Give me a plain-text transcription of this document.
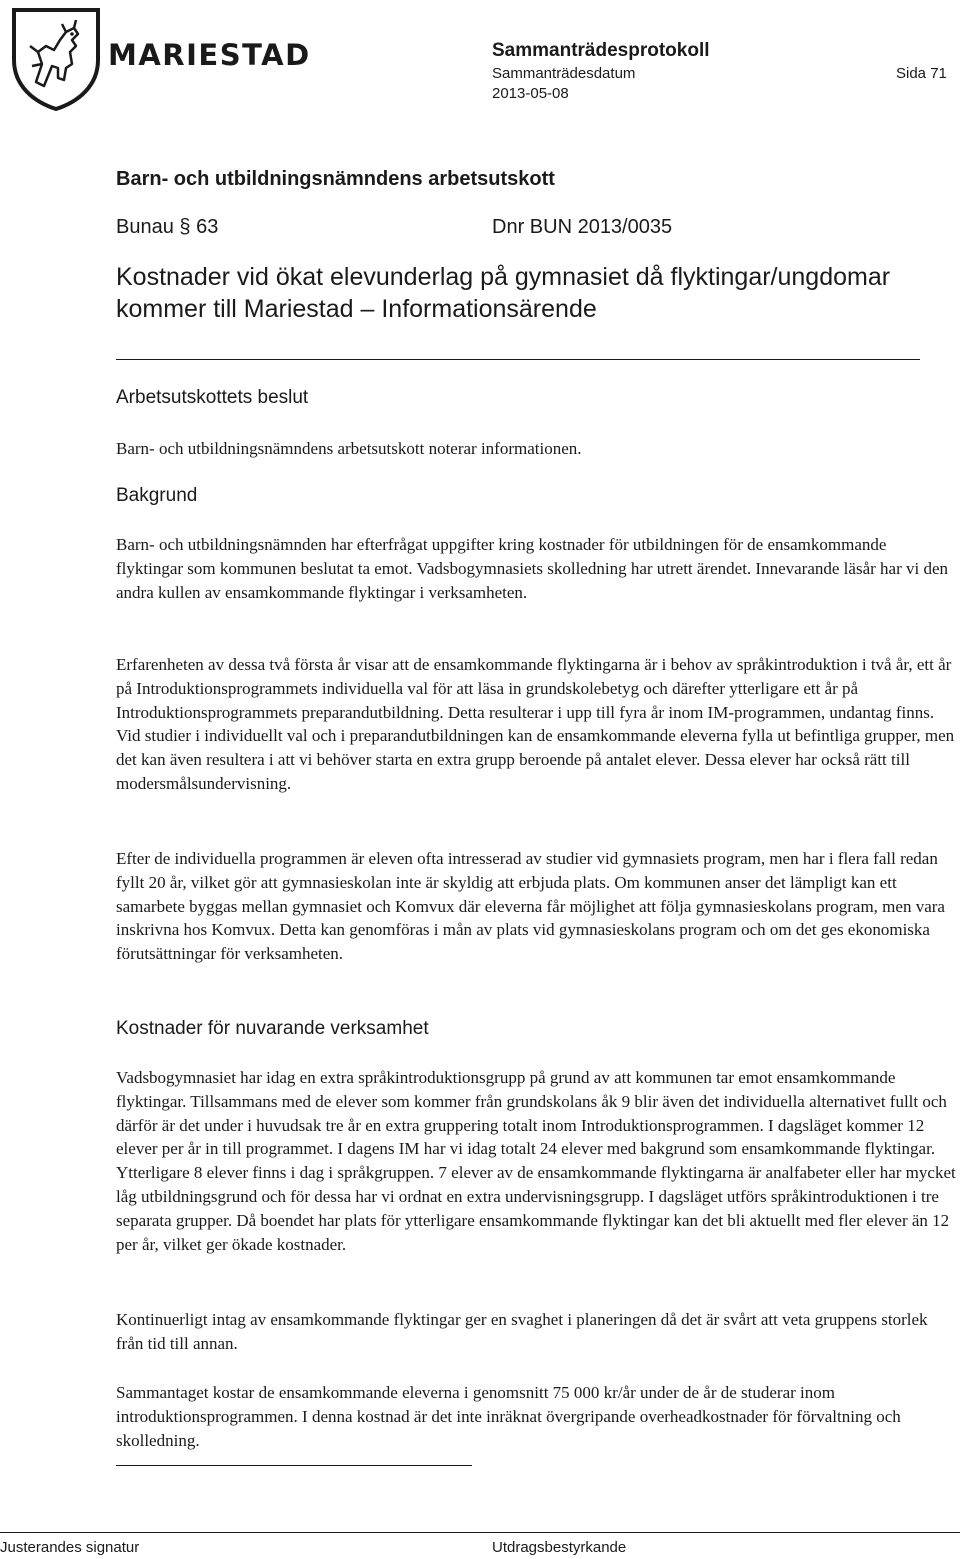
MARIESTAD	Sammanträdesprotokoll
Sammanträdesdatum
2013-05-08
Sida 71
Barn- och utbildningsnämndens arbetsutskott
Bunau § 63	Dnr BUN 2013/0035
Kostnader vid ökat elevunderlag på gymnasiet då flyktingar/ungdomar kommer till Mariestad – Informationsärende
Arbetsutskottets beslut

Barn- och utbildningsnämndens arbetsutskott noterar informationen.

Bakgrund

Barn- och utbildningsnämnden har efterfrågat uppgifter kring kostnader för utbildningen för de ensamkommande flyktingar som kommunen beslutat ta emot. Vadsbogymnasiets skolledning har utrett ärendet. Innevarande läsår har vi den andra kullen av ensamkommande flyktingar i verksamheten.

Erfarenheten av dessa två första år visar att de ensamkommande flyktingarna är i behov av språkintroduktion i två år, ett år på Introduktionsprogrammets individuella val för att läsa in grundskolebetyg och därefter ytterligare ett år på Introduktionsprogrammets preparandutbildning. Detta resulterar i upp till fyra år inom IM-programmen, undantag finns. Vid studier i individuellt val och i preparandutbildningen kan de ensamkommande eleverna fylla ut befintliga grupper, men det kan även resultera i att vi behöver starta en extra grupp beroende på antalet elever. Dessa elever har också rätt till modersmålsundervisning.

Efter de individuella programmen är eleven ofta intresserad av studier vid gymnasiets program, men har i flera fall redan fyllt 20 år, vilket gör att gymnasieskolan inte är skyldig att erbjuda plats. Om kommunen anser det lämpligt kan ett samarbete byggas mellan gymnasiet och Komvux där eleverna får möjlighet att följa gymnasieskolans program, men vara inskrivna hos Komvux. Detta kan genomföras i mån av plats vid gymnasieskolans program och om det ges ekonomiska förutsättningar för verksamheten.

Kostnader för nuvarande verksamhet

Vadsbogymnasiet har idag en extra språkintroduktionsgrupp på grund av att kommunen tar emot ensamkommande flyktingar. Tillsammans med de elever som kommer från grundskolans åk 9 blir även det individuella alternativet fullt och därför är det under i huvudsak tre år en extra gruppering totalt inom Introduktionsprogrammen. I dagsläget kommer 12 elever per år in till programmet. I dagens IM har vi idag totalt 24 elever med bakgrund som ensamkommande flyktingar. Ytterligare 8 elever finns i dag i språkgruppen. 7 elever av de ensamkommande flyktingarna är analfabeter eller har mycket låg utbildningsgrund och för dessa har vi ordnat en extra undervisningsgrupp. I dagsläget utförs språkintroduktionen i tre separata grupper. Då boendet har plats för ytterligare ensamkommande flyktingar kan det bli aktuellt med fler elever än 12 per år, vilket ger ökade kostnader.

Kontinuerligt intag av ensamkommande flyktingar ger en svaghet i planeringen då det är svårt att veta gruppens storlek från tid till annan.

Sammantaget kostar de ensamkommande eleverna i genomsnitt 75 000 kr/år under de år de studerar inom introduktionsprogrammen. I denna kostnad är det inte inräknat övergripande overheadkostnader för förvaltning och skolledning.

Justerandes signatur	Utdragsbestyrkande
